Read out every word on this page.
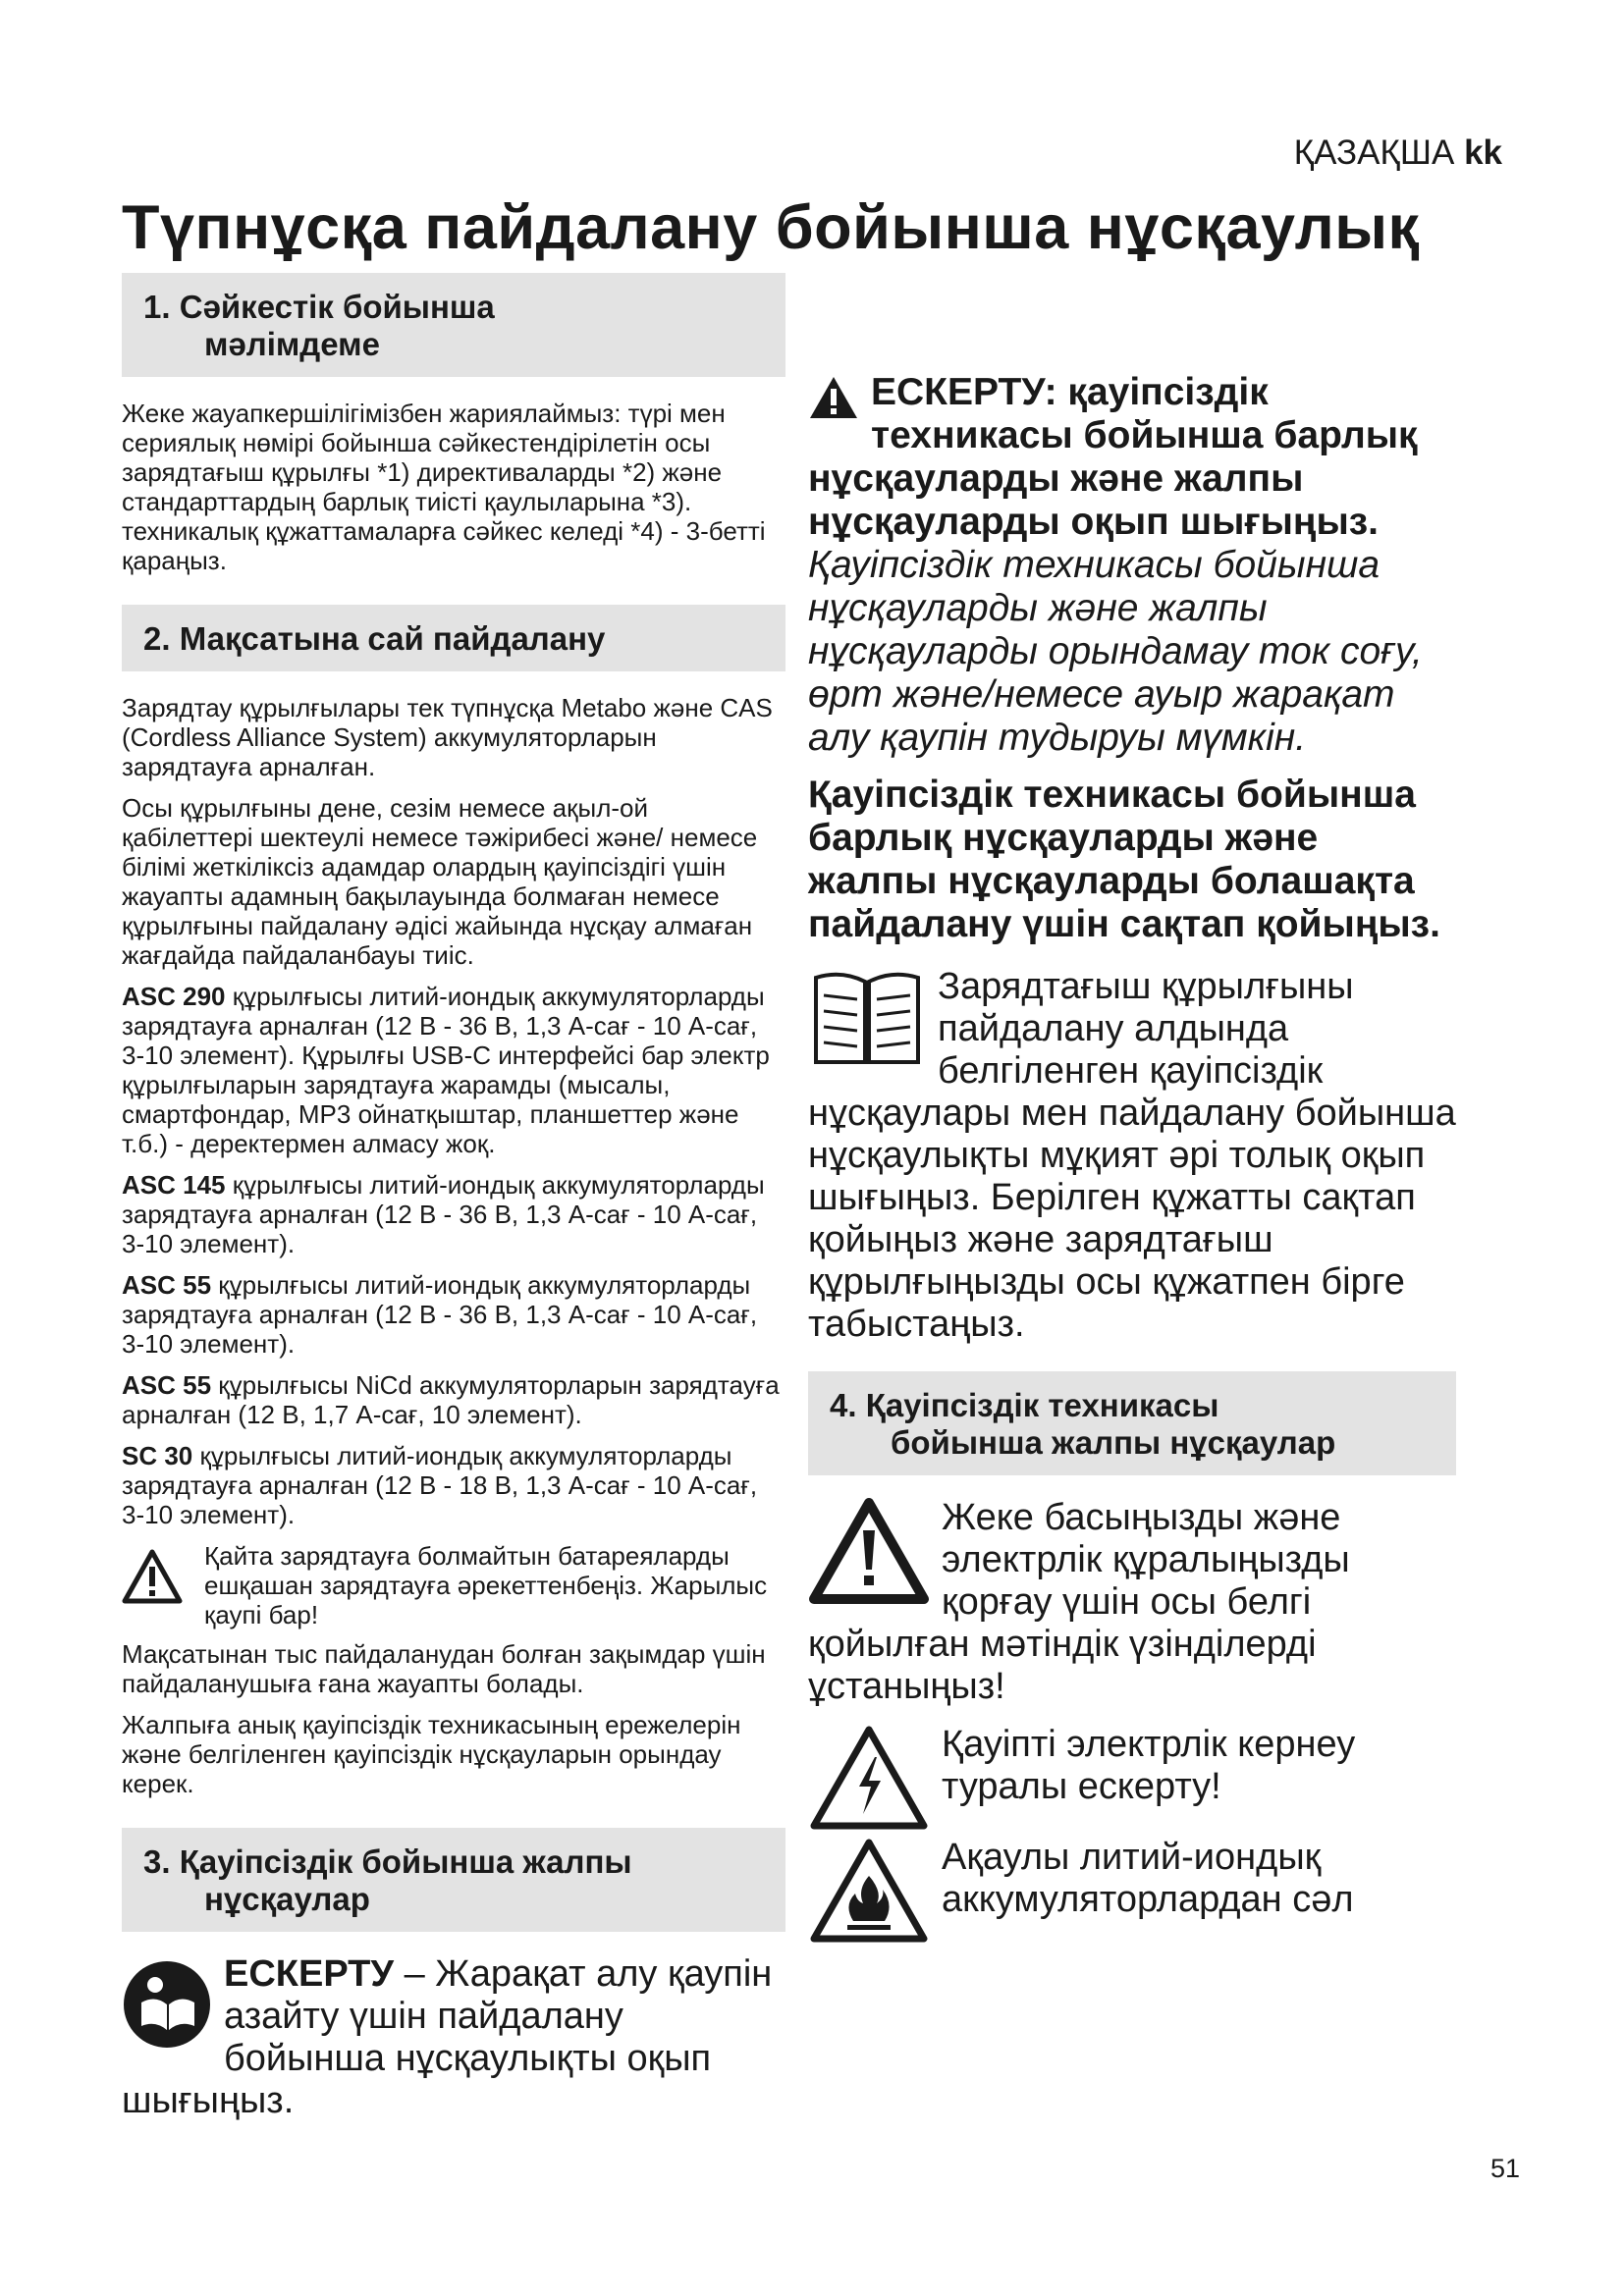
ҚАЗАҚША kk
Түпнұсқа пайдалану бойынша нұсқаулық
1. Сәйкестік бойынша
мәлімдеме

Жеке жауапкершілігімізбен жариялаймыз: түрі мен сериялық нөмірі бойынша сәйкестендірілетін осы зарядтағыш құрылғы *1) директиваларды *2) және стандарттардың барлық тиісті қаулыларына *3). техникалық құжаттамаларға сәйкес келеді *4) - 3-бетті қараңыз.

2. Мақсатына сай пайдалану

Зарядтау құрылғылары тек түпнұсқа Metabo және CAS (Cordless Alliance System) аккумуляторларын зарядтауға арналған.

Осы құрылғыны дене, сезім немесе ақыл-ой қабілеттері шектеулі немесе тәжірибесі және/ немесе білімі жеткіліксіз адамдар олардың қауіпсіздігі үшін жауапты адамның бақылауында болмаған немесе құрылғыны пайдалану әдісі жайында нұсқау алмаған жағдайда пайдаланбауы тиіс.

ASC 290 құрылғысы литий-иондық аккумуляторларды зарядтауға арналған (12 В - 36 В, 1,3 А-сағ - 10 А-сағ, 3-10 элемент). Құрылғы USB-C интерфейсі бар электр құрылғыларын зарядтауға жарамды (мысалы, смартфондар, MP3 ойнатқыштар, планшеттер және т.б.) - деректермен алмасу жоқ.

ASC 145 құрылғысы литий-иондық аккумуляторларды зарядтауға арналған (12 В - 36 В, 1,3 А-сағ - 10 А-сағ, 3-10 элемент).

ASC 55 құрылғысы литий-иондық аккумуляторларды зарядтауға арналған (12 В - 36 В, 1,3 А-сағ - 10 А-сағ, 3-10 элемент).

ASC 55 құрылғысы NiCd аккумуляторларын зарядтауға арналған (12 В, 1,7 А-сағ, 10 элемент).

SC 30 құрылғысы литий-иондық аккумуляторларды зарядтауға арналған (12 В - 18 В, 1,3 А-сағ - 10 А-сағ, 3-10 элемент).

Қайта зарядтауға болмайтын батареяларды ешқашан зарядтауға әрекеттенбеңіз. Жарылыс қаупі бар!

Мақсатынан тыс пайдаланудан болған зақымдар үшін пайдаланушыға ғана жауапты болады.

Жалпыға анық қауіпсіздік техникасының ережелерін және белгіленген қауіпсіздік нұсқауларын орындау керек.

3. Қауіпсіздік бойынша жалпы
нұсқаулар

ЕСКЕРТУ – Жарақат алу қаупін азайту үшін пайдалану бойынша нұсқаулықты оқып шығыңыз.

ЕСКЕРТУ: қауіпсіздік техникасы бойынша барлық нұсқауларды және жалпы нұсқауларды оқып шығыңыз. Қауіпсіздік техникасы бойынша нұсқауларды және жалпы нұсқауларды орындамау ток соғу, өрт және/немесе ауыр жарақат алу қаупін тудыруы мүмкін.

Қауіпсіздік техникасы бойынша барлық нұсқауларды және жалпы нұсқауларды болашақта пайдалану үшін сақтап қойыңыз.

Зарядтағыш құрылғыны пайдалану алдында белгіленген қауіпсіздік нұсқаулары мен пайдалану бойынша нұсқаулықты мұқият әрі толық оқып шығыңыз. Берілген құжатты сақтап қойыңыз және зарядтағыш құрылғыңызды осы құжатпен бірге табыстаңыз.

4. Қауіпсіздік техникасы
бойынша жалпы нұсқаулар

Жеке басыңызды және электрлік құралыңызды қорғау үшін осы белгі қойылған мәтіндік үзінділерді ұстаныңыз!

Қауіпті электрлік кернеу туралы ескерту!

Ақаулы литий-иондық аккумуляторлардан сәл

51
